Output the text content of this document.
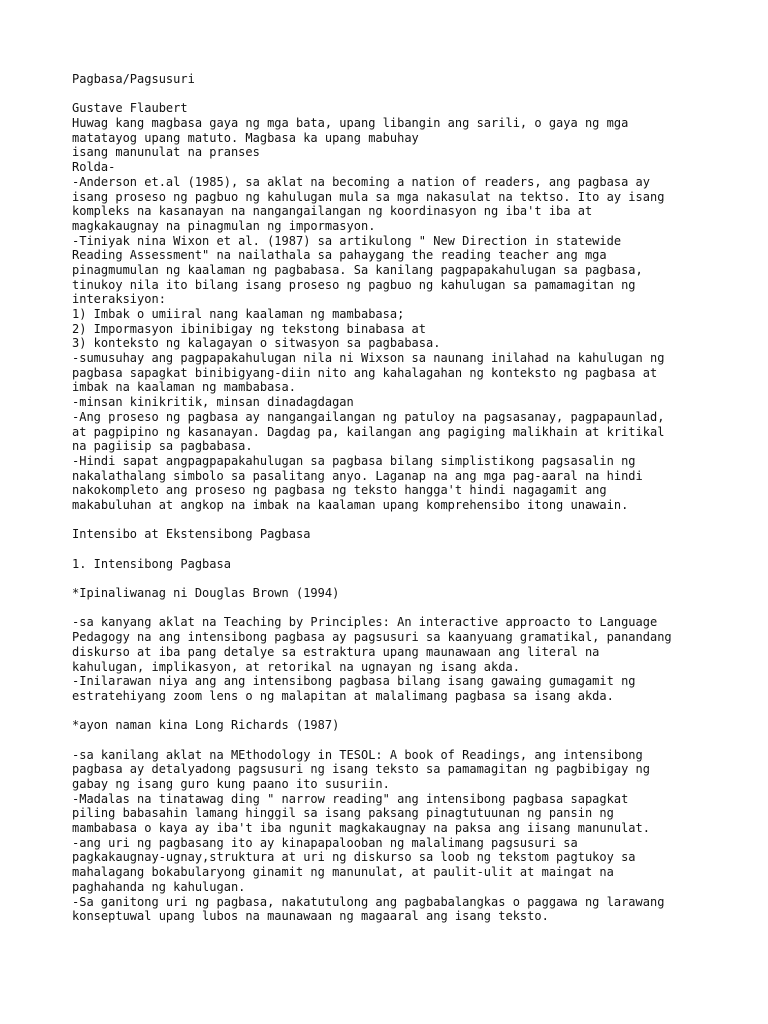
Pagbasa/Pagsusuri
Gustave Flaubert
Huwag kang magbasa gaya ng mga bata, upang libangin ang sarili, o gaya ng mga
matatayog upang matuto. Magbasa ka upang mabuhay
isang manunulat na pranses
Rolda-
-Anderson et.al (1985), sa aklat na becoming a nation of readers, ang pagbasa ay
isang proseso ng pagbuo ng kahulugan mula sa mga nakasulat na tektso. Ito ay isang
kompleks na kasanayan na nangangailangan ng koordinasyon ng iba't iba at
magkakaugnay na pinagmulan ng impormasyon.
-Tiniyak nina Wixon et al. (1987) sa artikulong " New Direction in statewide
Reading Assessment" na nailathala sa pahaygang the reading teacher ang mga
pinagmumulan ng kaalaman ng pagbabasa. Sa kanilang pagpapakahulugan sa pagbasa,
tinukoy nila ito bilang isang proseso ng pagbuo ng kahulugan sa pamamagitan ng
interaksiyon:
1) Imbak o umiiral nang kaalaman ng mambabasa;
2) Impormasyon ibinibigay ng tekstong binabasa at
3) konteksto ng kalagayan o sitwasyon sa pagbabasa.
-sumusuhay ang pagpapakahulugan nila ni Wixson sa naunang inilahad na kahulugan ng
pagbasa sapagkat binibigyang-diin nito ang kahalagahan ng konteksto ng pagbasa at
imbak na kaalaman ng mambabasa.
-minsan kinikritik, minsan dinadagdagan
-Ang proseso ng pagbasa ay nangangailangan ng patuloy na pagsasanay, pagpapaunlad,
at pagpipino ng kasanayan. Dagdag pa, kailangan ang pagiging malikhain at kritikal
na pagiisip sa pagbabasa.
-Hindi sapat angpagpapakahulugan sa pagbasa bilang simplistikong pagsasalin ng
nakalathalang simbolo sa pasalitang anyo. Laganap na ang mga pag-aaral na hindi
nakokompleto ang proseso ng pagbasa ng teksto hangga't hindi nagagamit ang
makabuluhan at angkop na imbak na kaalaman upang komprehensibo itong unawain.
Intensibo at Ekstensibong Pagbasa
1. Intensibong Pagbasa
*Ipinaliwanag ni Douglas Brown (1994)
-sa kanyang aklat na Teaching by Principles: An interactive approacto to Language
Pedagogy na ang intensibong pagbasa ay pagsusuri sa kaanyuang gramatikal, panandang
diskurso at iba pang detalye sa estraktura upang maunawaan ang literal na
kahulugan, implikasyon, at retorikal na ugnayan ng isang akda.
-Inilarawan niya ang ang intensibong pagbasa bilang isang gawaing gumagamit ng
estratehiyang zoom lens o ng malapitan at malalimang pagbasa sa isang akda.
*ayon naman kina Long Richards (1987)
-sa kanilang aklat na MEthodology in TESOL: A book of Readings, ang intensibong
pagbasa ay detalyadong pagsusuri ng isang teksto sa pamamagitan ng pagbibigay ng
gabay ng isang guro kung paano ito susuriin.
-Madalas na tinatawag ding " narrow reading" ang intensibong pagbasa sapagkat
piling babasahin lamang hinggil sa isang paksang pinagtutuunan ng pansin ng
mambabasa o kaya ay iba't iba ngunit magkakaugnay na paksa ang iisang manunulat.
-ang uri ng pagbasang ito ay kinapapalooban ng malalimang pagsusuri sa
pagkakaugnay-ugnay,struktura at uri ng diskurso sa loob ng tekstom pagtukoy sa
mahalagang bokabularyong ginamit ng manunulat, at paulit-ulit at maingat na
paghahanda ng kahulugan.
-Sa ganitong uri ng pagbasa, nakatutulong ang pagbabalangkas o paggawa ng larawang
konseptuwal upang lubos na maunawaan ng magaaral ang isang teksto.
